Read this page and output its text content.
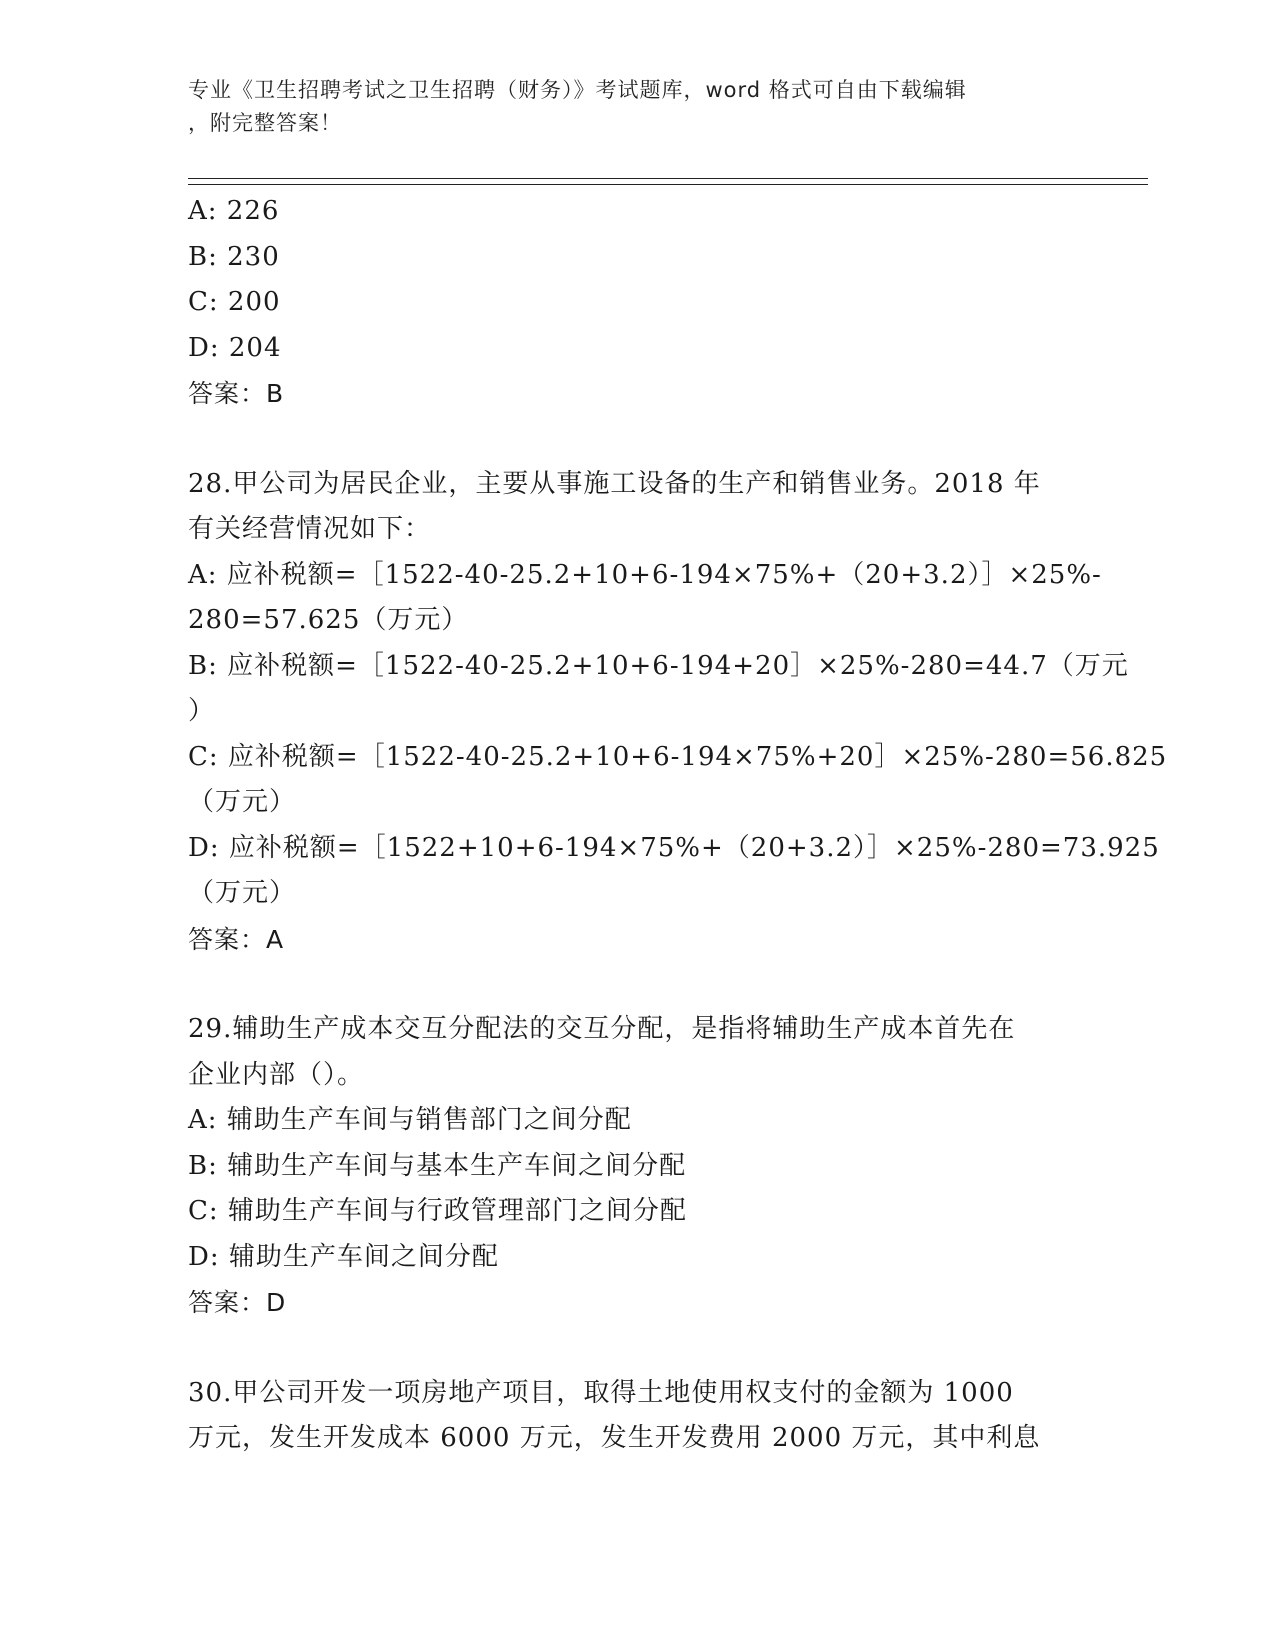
专业《卫生招聘考试之卫生招聘（财务）》考试题库，word 格式可自由下载编辑
，附完整答案！
A: 226
B: 230
C: 200
D: 204
答案：B
28.甲公司为居民企业，主要从事施工设备的生产和销售业务。2018 年
有关经营情况如下：
A: 应补税额=［1522-40-25.2+10+6-194×75%+（20+3.2）］×25%-
280=57.625（万元）
B: 应补税额=［1522-40-25.2+10+6-194+20］×25%-280=44.7（万元
）
C: 应补税额=［1522-40-25.2+10+6-194×75%+20］×25%-280=56.825
（万元）
D: 应补税额=［1522+10+6-194×75%+（20+3.2）］×25%-280=73.925
（万元）
答案：A
29.辅助生产成本交互分配法的交互分配，是指将辅助生产成本首先在
企业内部（）。
A: 辅助生产车间与销售部门之间分配
B: 辅助生产车间与基本生产车间之间分配
C: 辅助生产车间与行政管理部门之间分配
D: 辅助生产车间之间分配
答案：D
30.甲公司开发一项房地产项目，取得土地使用权支付的金额为 1000
万元，发生开发成本 6000 万元，发生开发费用 2000 万元，其中利息
